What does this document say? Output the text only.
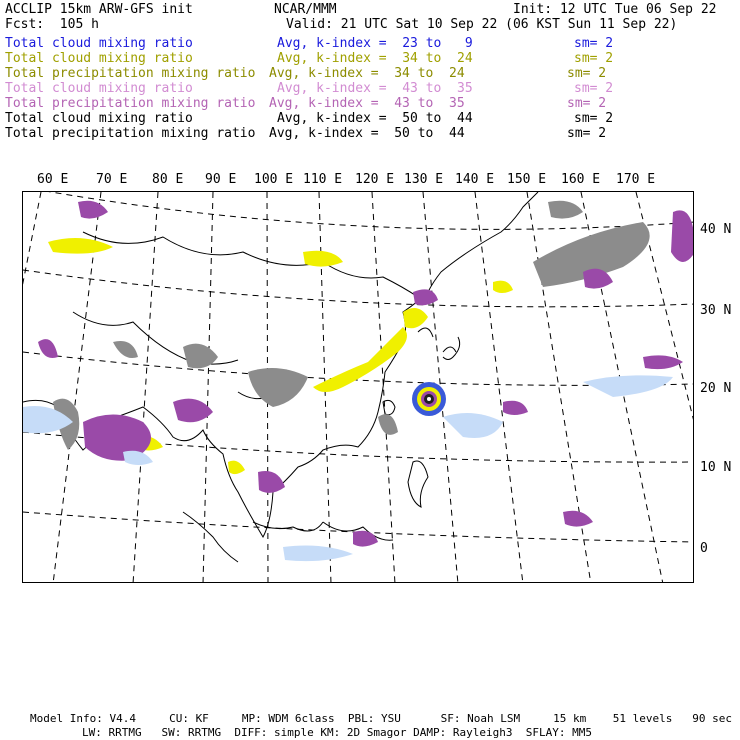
ACCLIP 15km ARW-GFS init	NCAR/MMM	Init: 12 UTC Tue 06 Sep 22
Fcst:  105 h	Valid: 21 UTC Sat 10 Sep 22 (06 KST Sun 11 Sep 22)
Total cloud mixing ratio	Avg, k-index =  23 to   9	sm= 2
Total cloud mixing ratio	Avg, k-index =  34 to  24	sm= 2
Total precipitation mixing ratio Avg, k-index =  34 to  24	sm= 2
Total cloud mixing ratio	Avg, k-index =  43 to  35	sm= 2
Total precipitation mixing ratio Avg, k-index =  43 to  35	sm= 2
Total cloud mixing ratio	Avg, k-index =  50 to  44	sm= 2
Total precipitation mixing ratio Avg, k-index =  50 to  44	sm= 2
60 E 70 E 80 E 90 E 100 E 110 E 120 E 130 E 140 E 150 E 160 E 170 E
40 N
30 N
20 N
10 N
0
Model Info: V4.4     CU: KF     MP: WDM 6class  PBL: YSU      SF: Noah LSM     15 km    51 levels   90 sec
LW: RRTMG   SW: RRTMG  DIFF: simple KM: 2D Smagor DAMP: Rayleigh3  SFLAY: MM5
